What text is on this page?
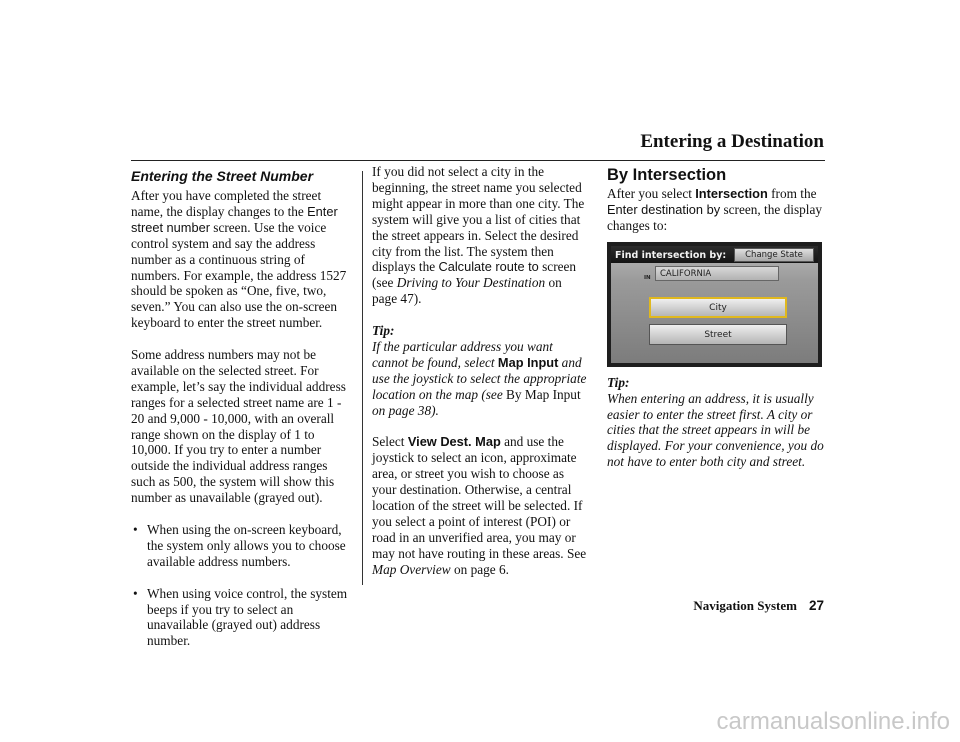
Entering a Destination
Entering the Street Number

After you have completed the street name, the display changes to the Enter street number screen. Use the voice control system and say the address number as a continuous string of numbers. For example, the address 1527 should be spoken as “One, five, two, seven.” You can also use the on-screen keyboard to enter the street number.

Some address numbers may not be available on the selected street. For example, let’s say the individual address ranges for a selected street name are 1 - 20 and 9,000 - 10,000, with an overall range shown on the display of 1 to 10,000. If you try to enter a number outside the individual address ranges such as 500, the system will show this number as unavailable (grayed out).

• When using the on-screen keyboard, the system only allows you to choose available address numbers.
• When using voice control, the system beeps if you try to select an unavailable (grayed out) address number.

If you did not select a city in the beginning, the street name you selected might appear in more than one city. The system will give you a list of cities that the street appears in. Select the desired city from the list. The system then displays the Calculate route to screen (see Driving to Your Destination on page 47).

Tip:

If the particular address you want cannot be found, select Map Input and use the joystick to select the appropriate location on the map (see By Map Input on page 38).

Select View Dest. Map and use the joystick to select an icon, approximate area, or street you wish to choose as your destination. Otherwise, a central location of the street will be selected. If you select a point of interest (POI) or road in an unverified area, you may or may not have routing in these areas. See Map Overview on page 6.

By Intersection

After you select Intersection from the Enter destination by screen, the display changes to:

Find intersection by:	Change State
IN	CALIFORNIA
City
Street
Tip:

When entering an address, it is usually easier to enter the street first. A city or cities that the street appears in will be displayed. For your convenience, you do not have to enter both city and street.

Navigation System 27
carmanualsonline.info
